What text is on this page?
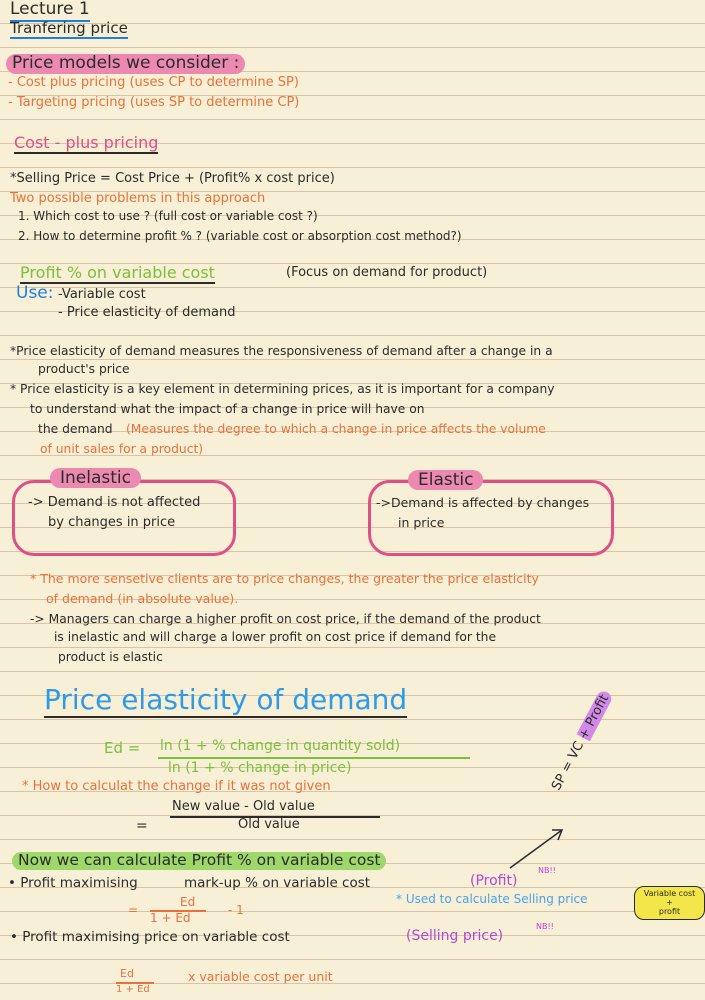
Lecture 1
Tranfering price
Price models we consider :
- Cost plus pricing (uses CP to determine SP)
- Targeting pricing (uses SP to determine CP)
Cost - plus pricing
*Selling Price = Cost Price + (Profit% x cost price)
Two possible problems in this approach
1. Which cost to use ? (full cost or variable cost ?)
2. How to determine profit % ? (variable cost or absorption cost method?)
Profit % on variable cost	(Focus on demand for product)
Use: -Variable cost
- Price elasticity of demand
*Price elasticity of demand measures the responsiveness of demand after a change in a
product's price
* Price elasticity is a key element in determining prices, as it is important for a company
to understand what the impact of a change in price will have on
the demand (Measures the degree to which a change in price affects the volume
of unit sales for a product)
Inelastic
-> Demand is not affected
by changes in price
Elastic
->Demand is affected by changes
in price
* The more sensetive clients are to price changes, the greater the price elasticity
of demand (in absolute value).
-> Managers can charge a higher profit on cost price, if the demand of the product
is inelastic and will charge a lower profit on cost price if demand for the
product is elastic
Price elasticity of demand
Ed = ln (1 + % change in quantity sold)
ln (1 + % change in price)
* How to calculat the change if it was not given
New value - Old value
=	Old value
Now we can calculate Profit % on variable cost
• Profit maximising	mark-up % on variable cost	(Profit)
NB!!
=
Ed
1 + Ed
- 1
* Used to calculate Selling price	Variable cost +
profit
SP = VC + Profit
• Profit maximising price on variable cost	(Selling price)
NB!!
Ed
1 + Ed
x variable cost per unit
